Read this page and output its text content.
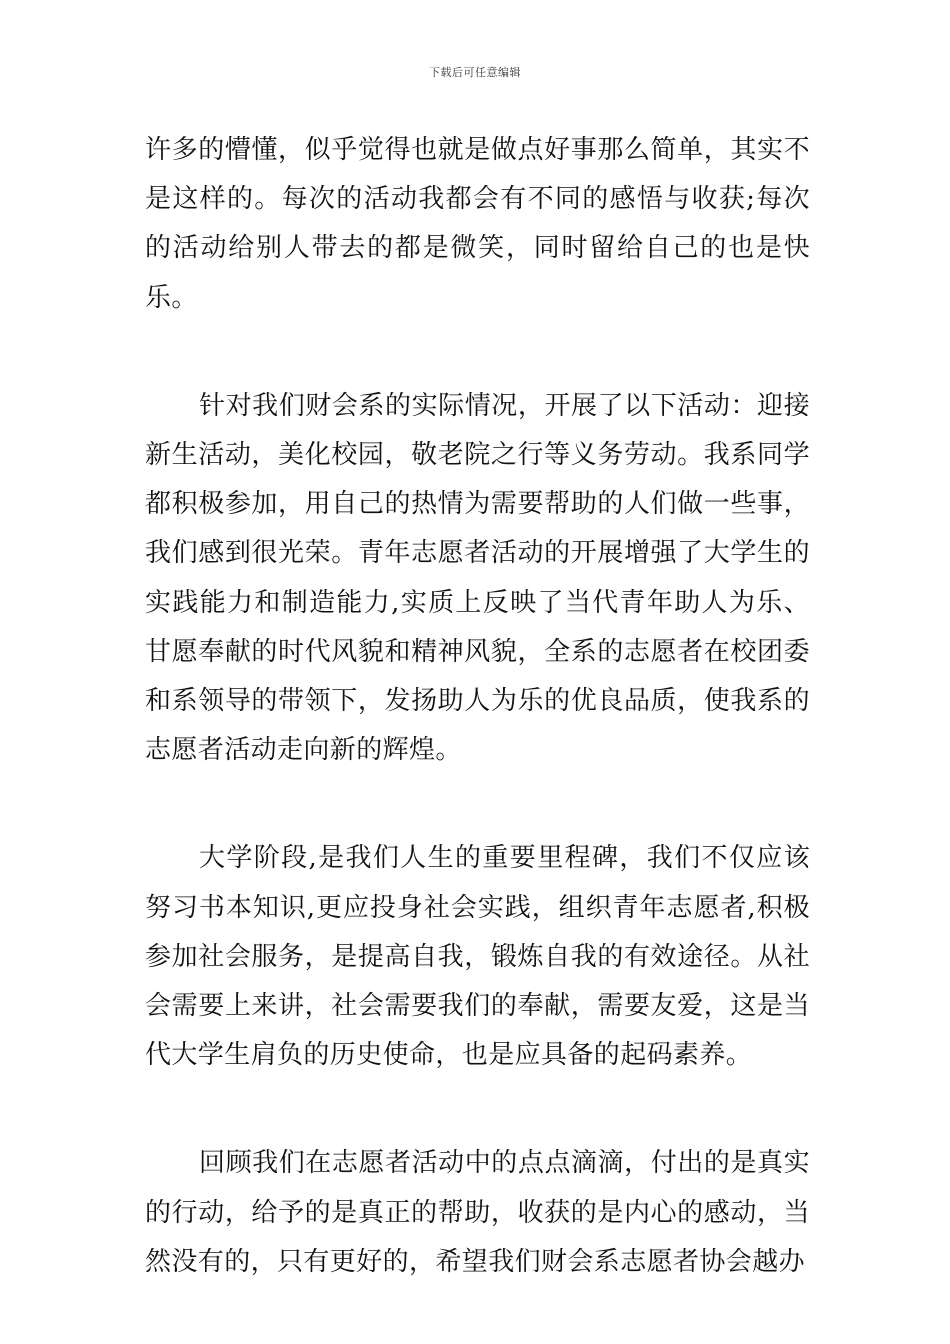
下载后可任意编辑

许多的懵懂，似乎觉得也就是做点好事那么简单，其实不是这样的。每次的活动我都会有不同的感悟与收获;每次的活动给别人带去的都是微笑，同时留给自己的也是快乐。

针对我们财会系的实际情况，开展了以下活动：迎接新生活动，美化校园，敬老院之行等义务劳动。我系同学都积极参加，用自己的热情为需要帮助的人们做一些事，我们感到很光荣。青年志愿者活动的开展增强了大学生的实践能力和制造能力,实质上反映了当代青年助人为乐、甘愿奉献的时代风貌和精神风貌，全系的志愿者在校团委和系领导的带领下，发扬助人为乐的优良品质，使我系的志愿者活动走向新的辉煌。

大学阶段,是我们人生的重要里程碑，我们不仅应该努习书本知识,更应投身社会实践，组织青年志愿者,积极参加社会服务，是提高自我，锻炼自我的有效途径。从社会需要上来讲，社会需要我们的奉献，需要友爱，这是当代大学生肩负的历史使命，也是应具备的起码素养。

回顾我们在志愿者活动中的点点滴滴，付出的是真实的行动，给予的是真正的帮助，收获的是内心的感动，当然没有的，只有更好的，希望我们财会系志愿者协会越办
